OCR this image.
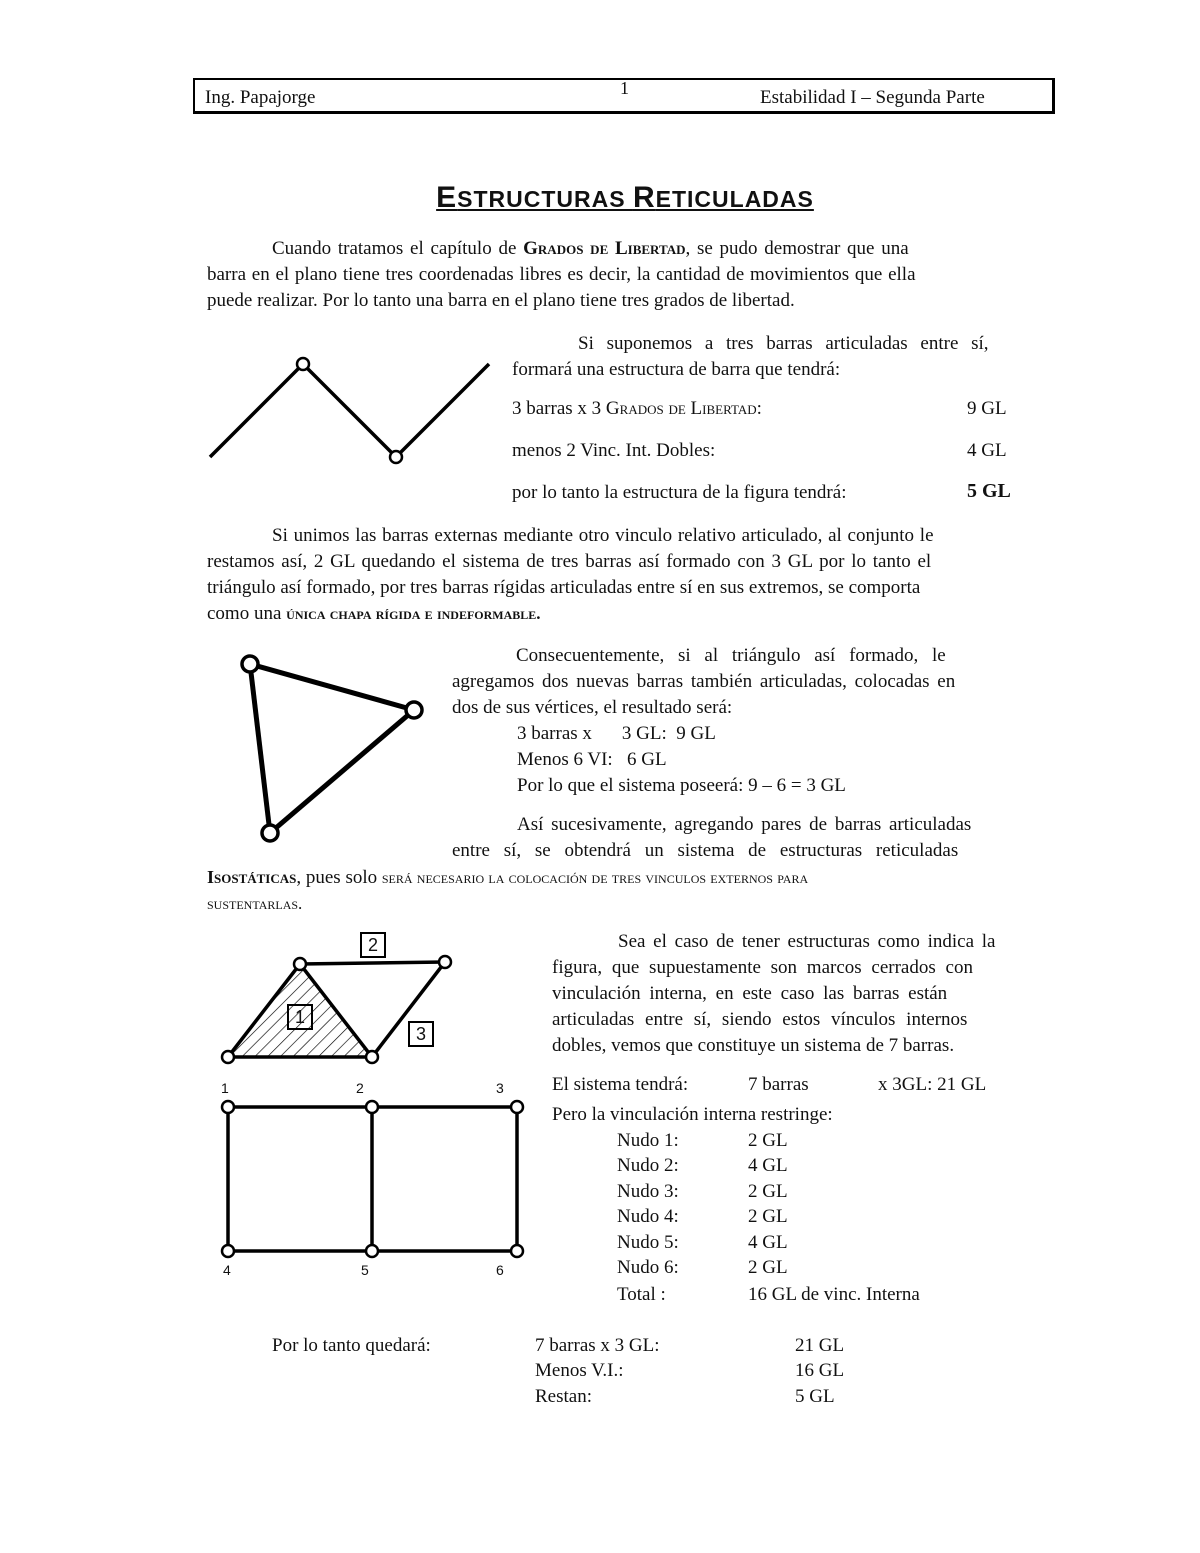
Ing. Papajorge	1	Estabilidad I – Segunda Parte
ESTRUCTURAS RETICULADAS
Cuando tratamos el capítulo de Grados de Libertad, se pudo demostrar que una
barra en el plano tiene tres coordenadas libres es decir, la cantidad de movimientos que ella
puede realizar. Por lo tanto una barra en el plano tiene tres grados de libertad.
Si suponemos a tres barras articuladas entre sí,
formará una estructura de barra que tendrá:
3 barras x 3 Grados de Libertad:	9 GL
menos 2 Vinc. Int. Dobles:	4 GL
por lo tanto la estructura de la figura tendrá:	5 GL
Si unimos las barras externas mediante otro vinculo relativo articulado, al conjunto le
restamos así, 2 GL quedando el sistema de tres barras así formado con 3 GL por lo tanto el
triángulo así formado, por tres barras rígidas articuladas entre sí en sus extremos, se comporta
como una única chapa rígida e indeformable.
Consecuentemente, si al triángulo así formado, le
agregamos dos nuevas barras también articuladas, colocadas en
dos de sus vértices, el resultado será:
3 barras x 3 GL: 9 GL
Menos 6 VI: 6 GL
Por lo que el sistema poseerá: 9 – 6 = 3 GL
Así sucesivamente, agregando pares de barras articuladas
entre sí, se obtendrá un sistema de estructuras reticuladas
Isostáticas, pues solo será necesario la colocación de tres vinculos externos para
sustentarlas.
1
2
3
1	2	3
4	5	6
Sea el caso de tener estructuras como indica la
figura, que supuestamente son marcos cerrados con
vinculación interna, en este caso las barras están
articuladas entre sí, siendo estos vínculos internos
dobles, vemos que constituye un sistema de 7 barras.
El sistema tendrá:	7 barras	x 3GL: 21 GL
Pero la vinculación interna restringe:
Nudo 1:	2 GL
Nudo 2:	4 GL
Nudo 3:	2 GL
Nudo 4:	2 GL
Nudo 5:	4 GL
Nudo 6:	2 GL
Total :	16 GL de vinc. Interna
Por lo tanto quedará:	7 barras x 3 GL:	21 GL
Menos V.I.:	16 GL
Restan:	5 GL
